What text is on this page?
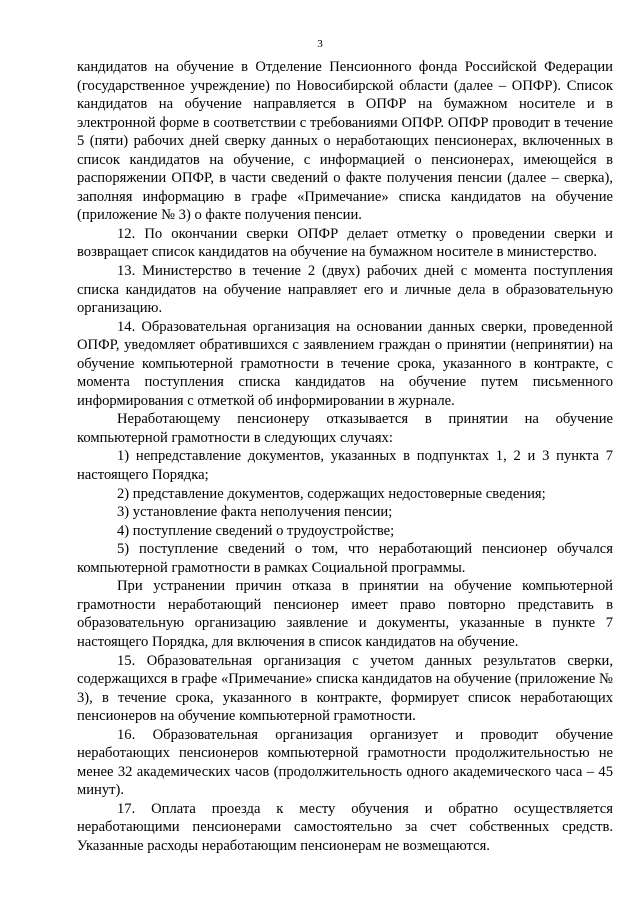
3

кандидатов на обучение в Отделение Пенсионного фонда Российской Федерации (государственное учреждение) по Новосибирской области (далее – ОПФР). Список кандидатов на обучение направляется в ОПФР на бумажном носителе и в электронной форме в соответствии с требованиями ОПФР. ОПФР проводит в течение 5 (пяти) рабочих дней сверку данных о неработающих пенсионерах, включенных в список кандидатов на обучение, с информацией о пенсионерах, имеющейся в распоряжении ОПФР, в части сведений о факте получения пенсии (далее – сверка), заполняя информацию в графе «Примечание» списка кандидатов на обучение (приложение № 3) о факте получения пенсии.

12. По окончании сверки ОПФР делает отметку о проведении сверки и возвращает список кандидатов на обучение на бумажном носителе в министерство.

13. Министерство в течение 2 (двух) рабочих дней с момента поступления списка кандидатов на обучение направляет его и личные дела в образовательную организацию.

14. Образовательная организация на основании данных сверки, проведенной ОПФР, уведомляет обратившихся с заявлением граждан о принятии (непринятии) на обучение компьютерной грамотности в течение срока, указанного в контракте, с момента поступления списка кандидатов на обучение путем письменного информирования с отметкой об информировании в журнале.

Неработающему пенсионеру отказывается в принятии на обучение компьютерной грамотности в следующих случаях:

1) непредставление документов, указанных в подпунктах 1, 2 и 3 пункта 7 настоящего Порядка;

2) представление документов, содержащих недостоверные сведения;

3) установление факта неполучения пенсии;

4) поступление сведений о трудоустройстве;

5) поступление сведений о том, что неработающий пенсионер обучался компьютерной грамотности в рамках Социальной программы.

При устранении причин отказа в принятии на обучение компьютерной грамотности неработающий пенсионер имеет право повторно представить в образовательную организацию заявление и документы, указанные в пункте 7 настоящего Порядка, для включения в список кандидатов на обучение.

15. Образовательная организация с учетом данных результатов сверки, содержащихся в графе «Примечание» списка кандидатов на обучение (приложение № 3), в течение срока, указанного в контракте, формирует список неработающих пенсионеров на обучение компьютерной грамотности.

16. Образовательная организация организует и проводит обучение неработающих пенсионеров компьютерной грамотности продолжительностью не менее 32 академических часов (продолжительность одного академического часа – 45 минут).

17. Оплата проезда к месту обучения и обратно осуществляется неработающими пенсионерами самостоятельно за счет собственных средств. Указанные расходы неработающим пенсионерам не возмещаются.
